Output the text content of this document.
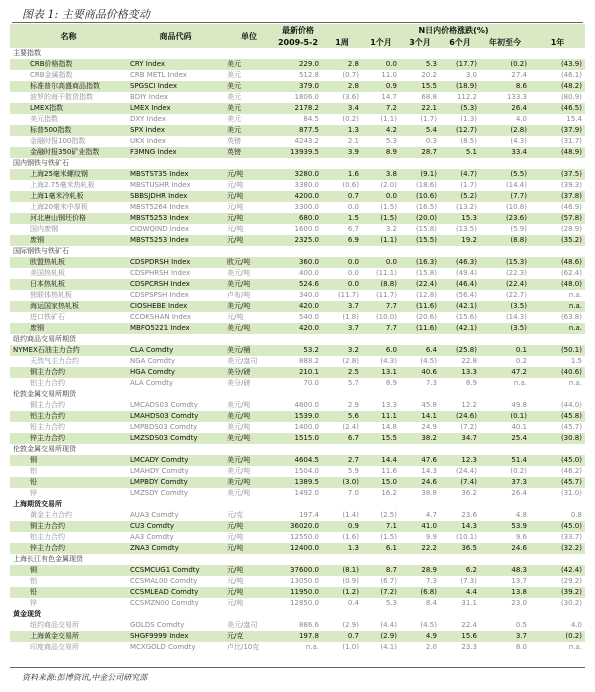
图表 1: 主要商品价格变动
名称	商品代码	单位	最新价格	N日内价格涨跌(%)					
			2009-5-2	1周	1个月	3个月	6个月	年初至今	1年
主要指数									
CRB价格指数	CRY Index	美元	229.0	2.8	0.0	5.3	(17.7)	(0.2)	(43.9)
CRB金属指数	CRB METL Index	美元	512.8	(0.7)	11.0	20.2	3.0	27.4	(46.1)
标准普尔高盛商品指数	SPGSCI Index	美元	379.0	2.8	0.9	15.5	(18.9)	8.6	(48.2)
波罗的海干散货指数	BDIY Index	美元	1806.0	(3.6)	14.7	68.8	112.2	133.3	(80.9)
LMEX指数	LMEX Index	美元	2178.2	3.4	7.2	22.1	(5.3)	26.4	(46.5)
美元指数	DXY Index	美元	84.5	(0.2)	(1.1)	(1.7)	(1.3)	4.0	15.4
标普500指数	SPX Index	美元	877.5	1.3	4.2	5.4	(12.7)	(2.8)	(37.9)
金融时报100指数	UKX Index	英镑	4243.2	2.1	5.3	0.3	(8.5)	(4.3)	(31.7)
金融时报350矿业指数	F3MNG Index	英镑	13939.5	3.9	8.9	28.7	5.1	33.4	(48.9)
国内钢铁与铁矿石									
上海25毫米螺纹钢	MBSTST35 Index	元/吨	3280.0	1.6	3.8	(9.1)	(4.7)	(5.5)	(37.5)
上海2.75毫米热轧板	MBSTUSHR Index	元/吨	3380.0	(0.6)	(2.0)	(18.6)	(1.7)	(14.4)	(39.3)
上海1毫米冷轧板	SBBSJDHR Index	元/吨	4200.0	0.7	0.0	(10.6)	(5.2)	(7.7)	(37.8)
上海20毫米中厚板	MBST5264 Index	元/吨	3300.0	0.0	(1.5)	(16.5)	(13.2)	(10.8)	(46.9)
河北唐山钢坯价格	MBST5253 Index	元/吨	680.0	1.5	(1.5)	(20.0)	15.3	(23.6)	(57.8)
国内废钢	CIOWQIND Index	元/吨	1600.0	6.7	3.2	(15.8)	(13.5)	(5.9)	(28.9)
废钢	MBST5253 Index	元/吨	2325.0	6.9	(1.1)	(15.5)	19.2	(8.8)	(35.2)
国际钢铁与铁矿石									
欧盟热轧板	CDSPDRSH Index	欧元/吨	360.0	0.0	0.0	(16.3)	(46.3)	(15.3)	(48.6)
美国热轧板	CDSPHRSH Index	美元/吨	400.0	0.0	(11.1)	(15.8)	(49.4)	(22.3)	(62.4)
日本热轧板	CDSPCRSH Index	美元/吨	524.6	0.0	(8.8)	(22.4)	(46.4)	(22.4)	(48.0)
独联体热轧板	CDSPSPSH Index	卢布/吨	340.0	(11.7)	(11.7)	(12.8)	(56.4)	(22.7)	n.a.
海运国家热轧板	CIOSHEBE Index	美元/吨	420.0	3.7	7.7	(11.6)	(42.1)	(3.5)	n.a.
进口铁矿石	CCOKSHAN Index	元/吨	540.0	(1.8)	(10.0)	(20.6)	(15.6)	(14.3)	(63.8)
废钢	MBFO5221 Index	美元/吨	420.0	3.7	7.7	(11.6)	(42.1)	(3.5)	n.a.
纽约商品交易所期货									
NYMEX石油主力合约	CLA Comdty	美元/桶	53.2	3.2	6.0	6.4	(25.8)	0.1	(50.1)
天然气主力合约	NGA Comdty	美元/盎司	888.2	(2.8)	(4.3)	(4.5)	22.8	0.2	1.5
铜主力合约	HGA Comdty	美分/磅	210.1	2.5	13.1	40.6	13.3	47.2	(40.6)
铝主力合约	ALA Comdty	美分/磅	70.0	5.7	8.9	7.3	8.9	n.a.	n.a.
伦敦金属交易所期货									
铜主力合约	LMCADS03 Comdty	美元/吨	4600.0	2.9	13.3	45.8	12.2	49.8	(44.0)
铝主力合约	LMAHDS03 Comdty	美元/吨	1539.0	5.6	11.1	14.1	(24.6)	(0.1)	(45.8)
铅主力合约	LMPBDS03 Comdty	美元/吨	1400.0	(2.4)	14.8	24.9	(7.2)	40.1	(45.7)
锌主力合约	LMZSDS03 Comdty	美元/吨	1515.0	6.7	15.5	38.2	34.7	25.4	(30.8)
伦敦金属交易所现货									
铜	LMCADY Comdty	美元/吨	4604.5	2.7	14.4	47.6	12.3	51.4	(45.0)
铝	LMAHDY Comdty	美元/吨	1504.0	5.9	11.6	14.3	(24.4)	(0.2)	(46.2)
铅	LMPBDY Comdty	美元/吨	1389.5	(3.0)	15.0	24.6	(7.4)	37.3	(45.7)
锌	LMZSDY Comdty	美元/吨	1492.0	7.0	16.2	38.8	36.2	26.4	(31.0)
上海期货交易所									
黄金主力合约	AUA3 Comdty	元/克	197.4	(1.4)	(2.5)	4.7	23.6	4.8	0.8
铜主力合约	CU3 Comdty	元/吨	36020.0	0.9	7.1	41.0	14.3	53.9	(45.0)
铝主力合约	AA3 Comdty	元/吨	12550.0	(1.6)	(1.5)	9.9	(10.1)	9.6	(33.7)
锌主力合约	ZNA3 Comdty	元/吨	12400.0	1.3	6.1	22.2	36.5	24.6	(32.2)
上海长江有色金属现货									
铜	CCSMCUG1 Comdty	元/吨	37600.0	(8.1)	8.7	28.9	6.2	48.3	(42.4)
铝	CCSMAL00 Comdty	元/吨	13050.0	(0.9)	(6.7)	7.3	(7.3)	13.7	(29.2)
铅	CCSMLEAD Comdty	元/吨	11950.0	(1.2)	(7.2)	(6.8)	4.4	13.8	(39.2)
锌	CCSMZN00 Comdty	元/吨	12850.0	0.4	5.3	8.4	31.1	23.0	(30.2)
黄金现货									
纽约商品交易所	GOLDS Comdty	美元/盎司	886.6	(2.9)	(4.4)	(4.5)	22.4	0.5	4.0
上海黄金交易所	SHGF9999 Index	元/克	197.8	0.7	(2.9)	4.9	15.6	3.7	(0.2)
印度商品交易所	MCXGOLD Comdty	卢比/10克	n.a.	(1.0)	(4.1)	2.0	23.3	8.0	n.a.
资料来源:彭博资讯,中金公司研究部
